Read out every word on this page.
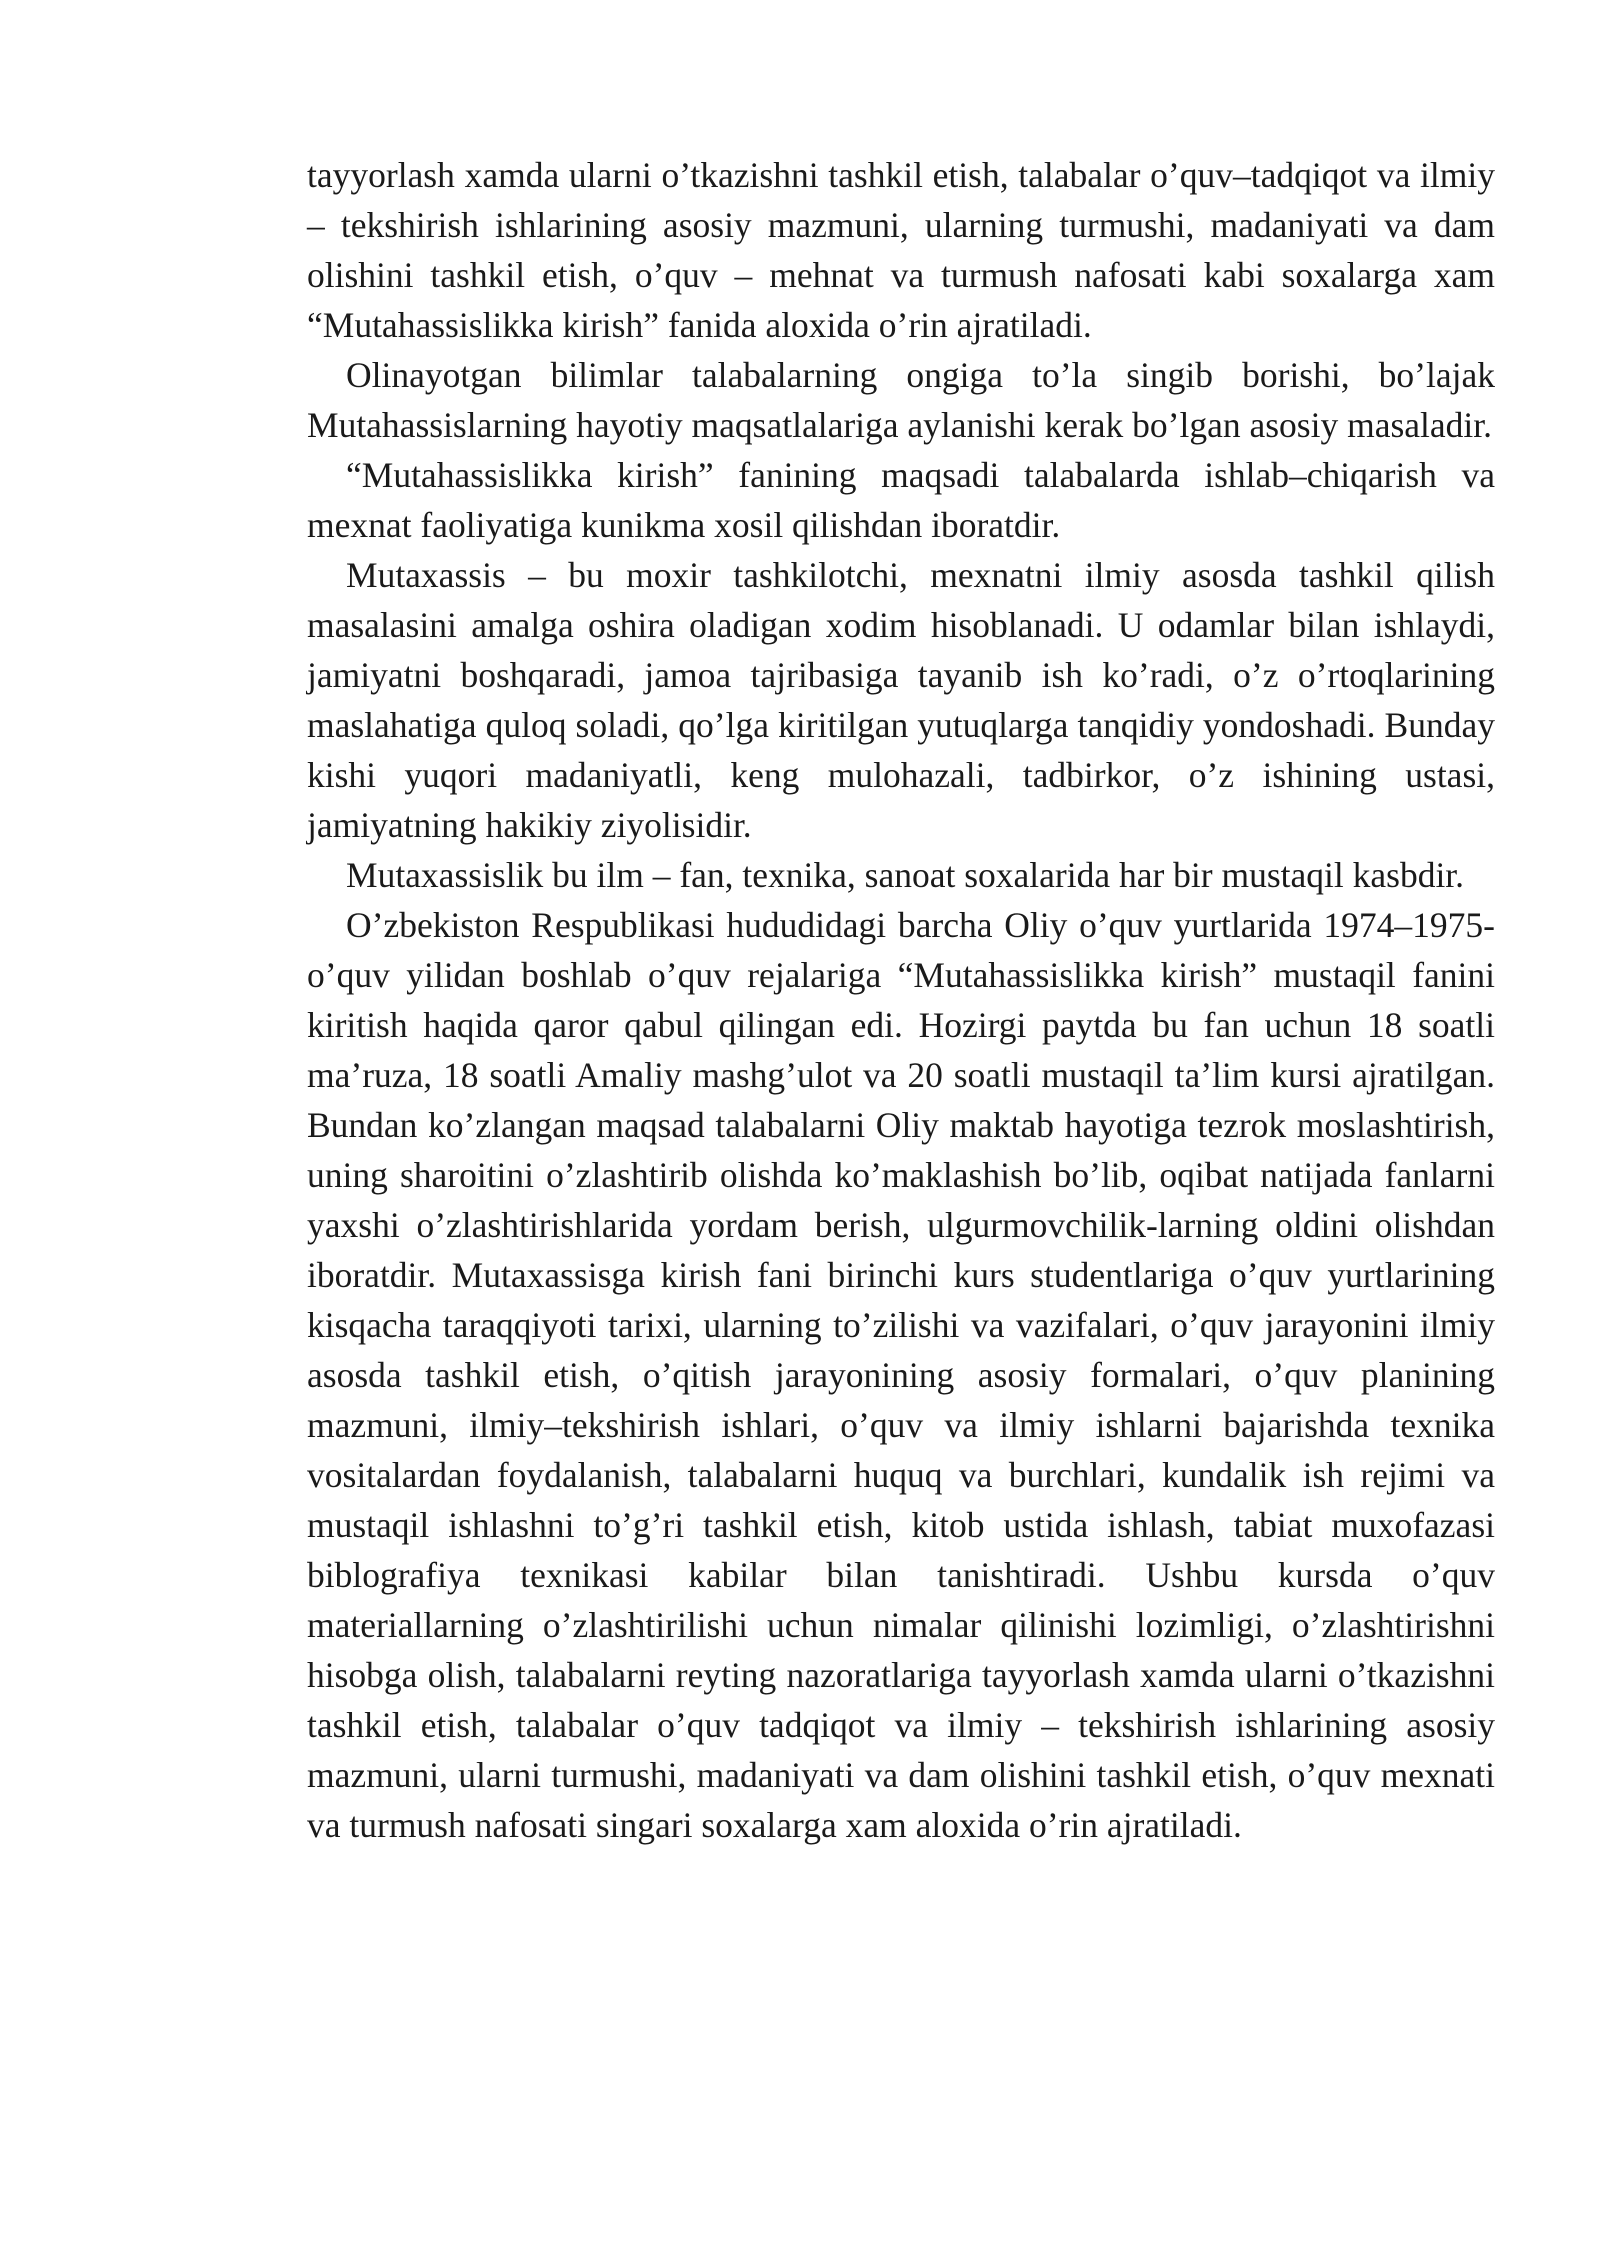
tayyorlash xamda ularni o’tkazishni tashkil etish, talabalar o’quv–tadqiqot va ilmiy – tekshirish ishlarining asosiy mazmuni, ularning turmushi, madaniyati va dam olishini tashkil etish, o’quv – mehnat va turmush nafosati kabi soxalarga xam “Mutahassislikka kirish” fanida aloxida o’rin ajratiladi.

Olinayotgan bilimlar talabalarning ongiga to’la singib borishi, bo’lajak Mutahassislarning hayotiy maqsatlalariga aylanishi kerak bo’lgan asosiy masaladir.

“Mutahassislikka kirish” fanining maqsadi talabalarda ishlab–chiqarish va mexnat faoliyatiga kunikma xosil qilishdan iboratdir.

Mutaxassis – bu moxir tashkilotchi, mexnatni ilmiy asosda tashkil qilish masalasini amalga oshira oladigan xodim hisoblanadi. U odamlar bilan ishlaydi, jamiyatni boshqaradi, jamoa tajribasiga tayanib ish ko’radi, o’z o’rtoqlarining maslahatiga quloq soladi, qo’lga kiritilgan yutuqlarga tanqidiy yondoshadi. Bunday kishi yuqori madaniyatli, keng mulohazali, tadbirkor, o’z ishining ustasi, jamiyatning hakikiy ziyolisidir.

Mutaxassislik bu ilm – fan, texnika, sanoat soxalarida har bir mustaqil kasbdir.

O’zbekiston Respublikasi hududidagi barcha Oliy o’quv yurtlarida 1974–1975- o’quv yilidan boshlab o’quv rejalariga “Mutahassislikka kirish” mustaqil fanini kiritish haqida qaror qabul qilingan edi. Hozirgi paytda bu fan uchun 18 soatli ma’ruza, 18 soatli Amaliy mashg’ulot va 20 soatli mustaqil ta’lim kursi ajratilgan. Bundan ko’zlangan maqsad talabalarni Oliy maktab hayotiga tezrok moslashtirish, uning sharoitini o’zlashtirib olishda ko’maklashish bo’lib, oqibat natijada fanlarni yaxshi o’zlashtirishlarida yordam berish, ulgurmovchilik-larning oldini olishdan iboratdir. Mutaxassisga kirish fani birinchi kurs studentlariga o’quv yurtlarining kisqacha taraqqiyoti tarixi, ularning to’zilishi va vazifalari, o’quv jarayonini ilmiy asosda tashkil etish, o’qitish jarayonining asosiy formalari, o’quv planining mazmuni, ilmiy–tekshirish ishlari, o’quv va ilmiy ishlarni bajarishda texnika vositalardan foydalanish, talabalarni huquq va burchlari, kundalik ish rejimi va mustaqil ishlashni to’g’ri tashkil etish, kitob ustida ishlash, tabiat muxofazasi biblografiya texnikasi kabilar bilan tanishtiradi. Ushbu kursda o’quv materiallarning o’zlashtirilishi uchun nimalar qilinishi lozimligi, o’zlashtirishni hisobga olish, talabalarni reyting nazoratlariga tayyorlash xamda ularni o’tkazishni tashkil etish, talabalar o’quv tadqiqot va ilmiy – tekshirish ishlarining asosiy mazmuni, ularni turmushi, madaniyati va dam olishini tashkil etish, o’quv mexnati va turmush nafosati singari soxalarga xam aloxida o’rin ajratiladi.
